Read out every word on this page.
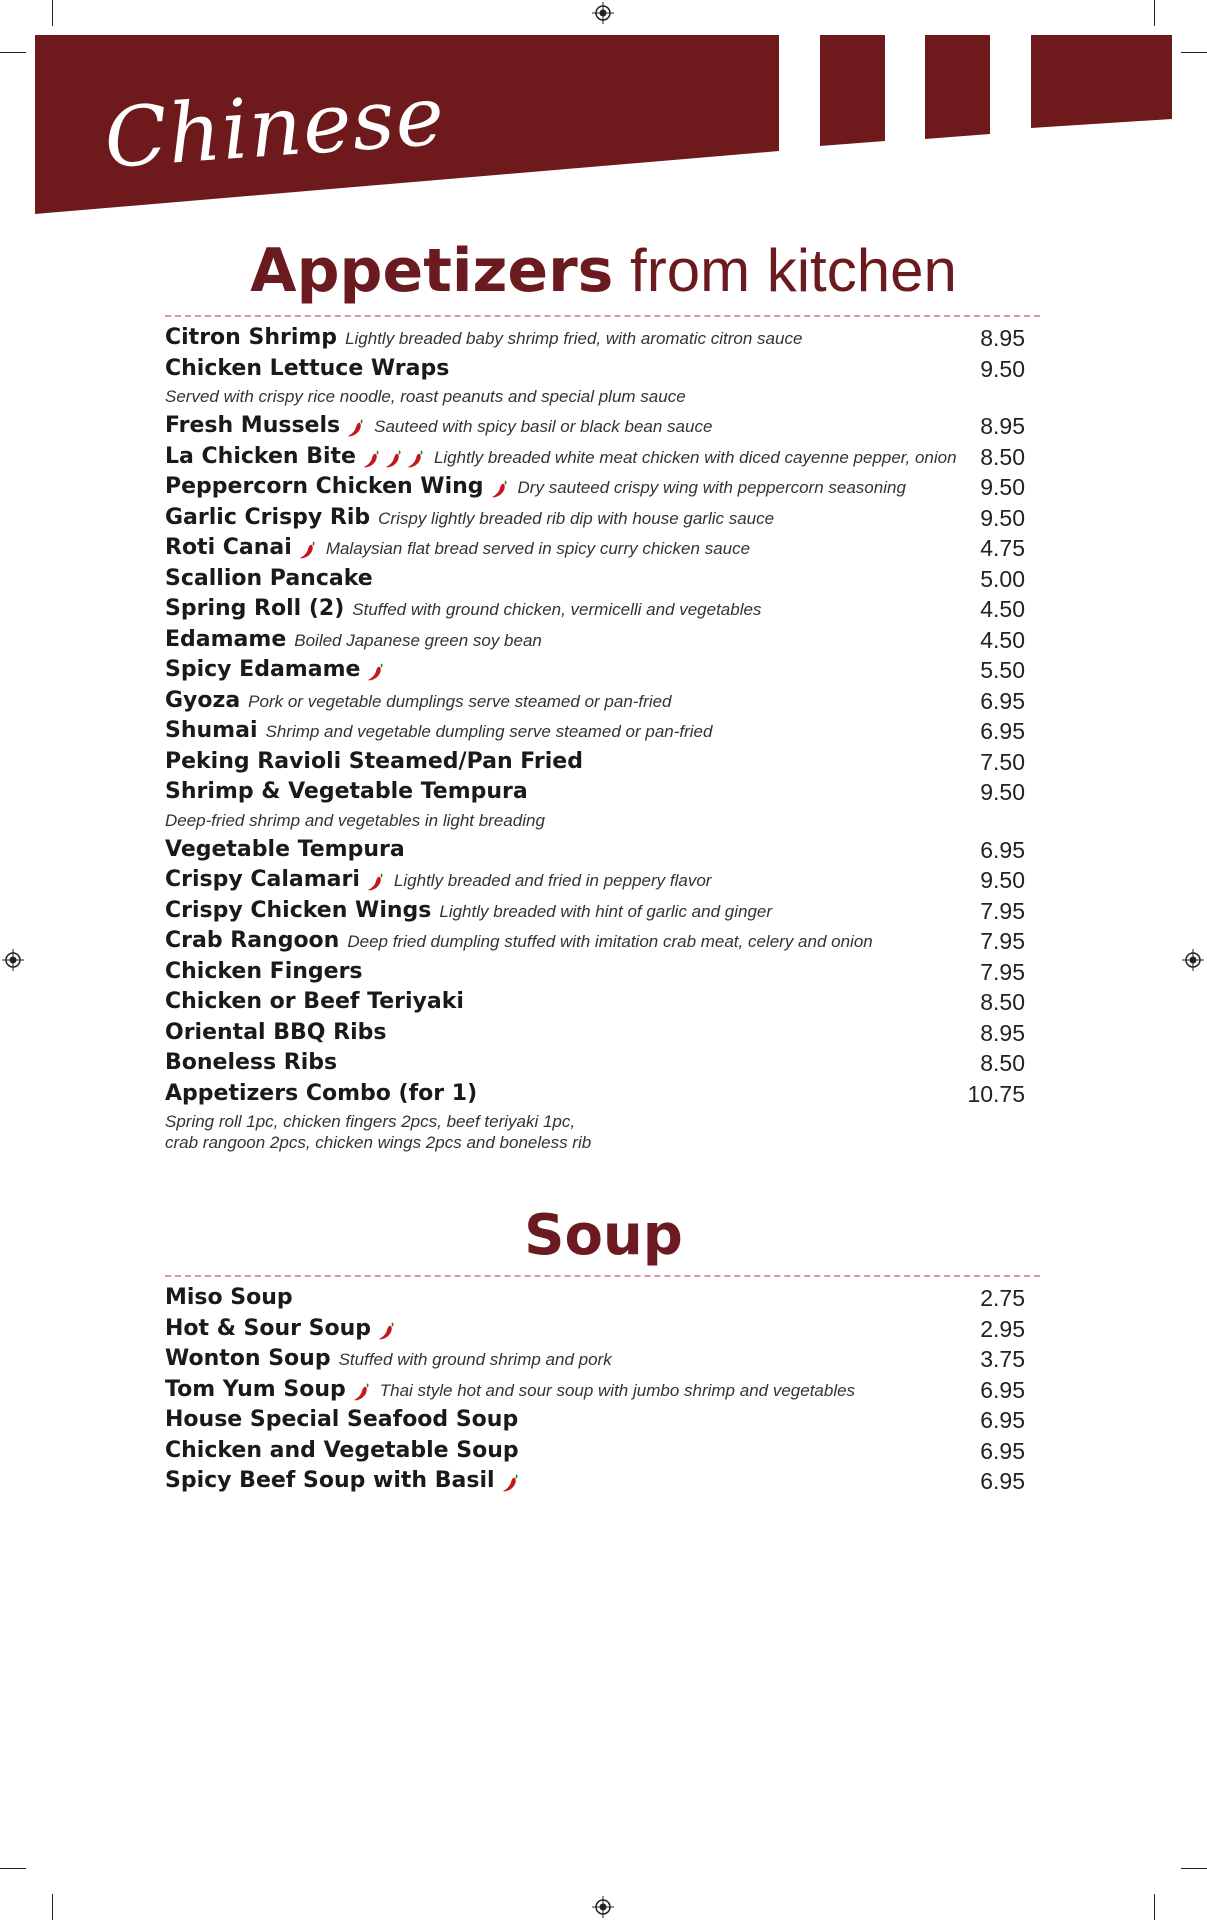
Chinese
Appetizers from kitchen
Citron Shrimp Lightly breaded baby shrimp fried, with aromatic citron sauce	8.95
Chicken Lettuce Wraps	9.50
Served with crispy rice noodle, roast peanuts and special plum sauce
Fresh Mussels Sauteed with spicy basil or black bean sauce	8.95
La Chicken Bite	Lightly breaded white meat chicken with diced cayenne pepper, onion 8.50
Peppercorn Chicken Wing Dry sauteed crispy wing with peppercorn seasoning	9.50
Garlic Crispy Rib Crispy lightly breaded rib dip with house garlic sauce	9.50
Roti Canai Malaysian flat bread served in spicy curry chicken sauce	4.75
Scallion Pancake	5.00
Spring Roll (2) Stuffed with ground chicken, vermicelli and vegetables	4.50
Edamame Boiled Japanese green soy bean	4.50
Spicy Edamame	5.50
Gyoza Pork or vegetable dumplings serve steamed or pan-fried	6.95
Shumai Shrimp and vegetable dumpling serve steamed or pan-fried	6.95
Peking Ravioli Steamed/Pan Fried	7.50
Shrimp & Vegetable Tempura	9.50
Deep-fried shrimp and vegetables in light breading
Vegetable Tempura	6.95
Crispy Calamari Lightly breaded and fried in peppery flavor	9.50
Crispy Chicken Wings Lightly breaded with hint of garlic and ginger	7.95
Crab Rangoon Deep fried dumpling stuffed with imitation crab meat, celery and onion	7.95
Chicken Fingers	7.95
Chicken or Beef Teriyaki	8.50
Oriental BBQ Ribs	8.95
Boneless Ribs	8.50
Appetizers Combo (for 1)	10.75
Spring roll 1pc, chicken fingers 2pcs, beef teriyaki 1pc,
crab rangoon 2pcs, chicken wings 2pcs and boneless rib
Soup
Miso Soup	2.75
Hot & Sour Soup	2.95
Wonton Soup Stuffed with ground shrimp and pork	3.75
Tom Yum Soup Thai style hot and sour soup with jumbo shrimp and vegetables	6.95
House Special Seafood Soup	6.95
Chicken and Vegetable Soup	6.95
Spicy Beef Soup with Basil	6.95
